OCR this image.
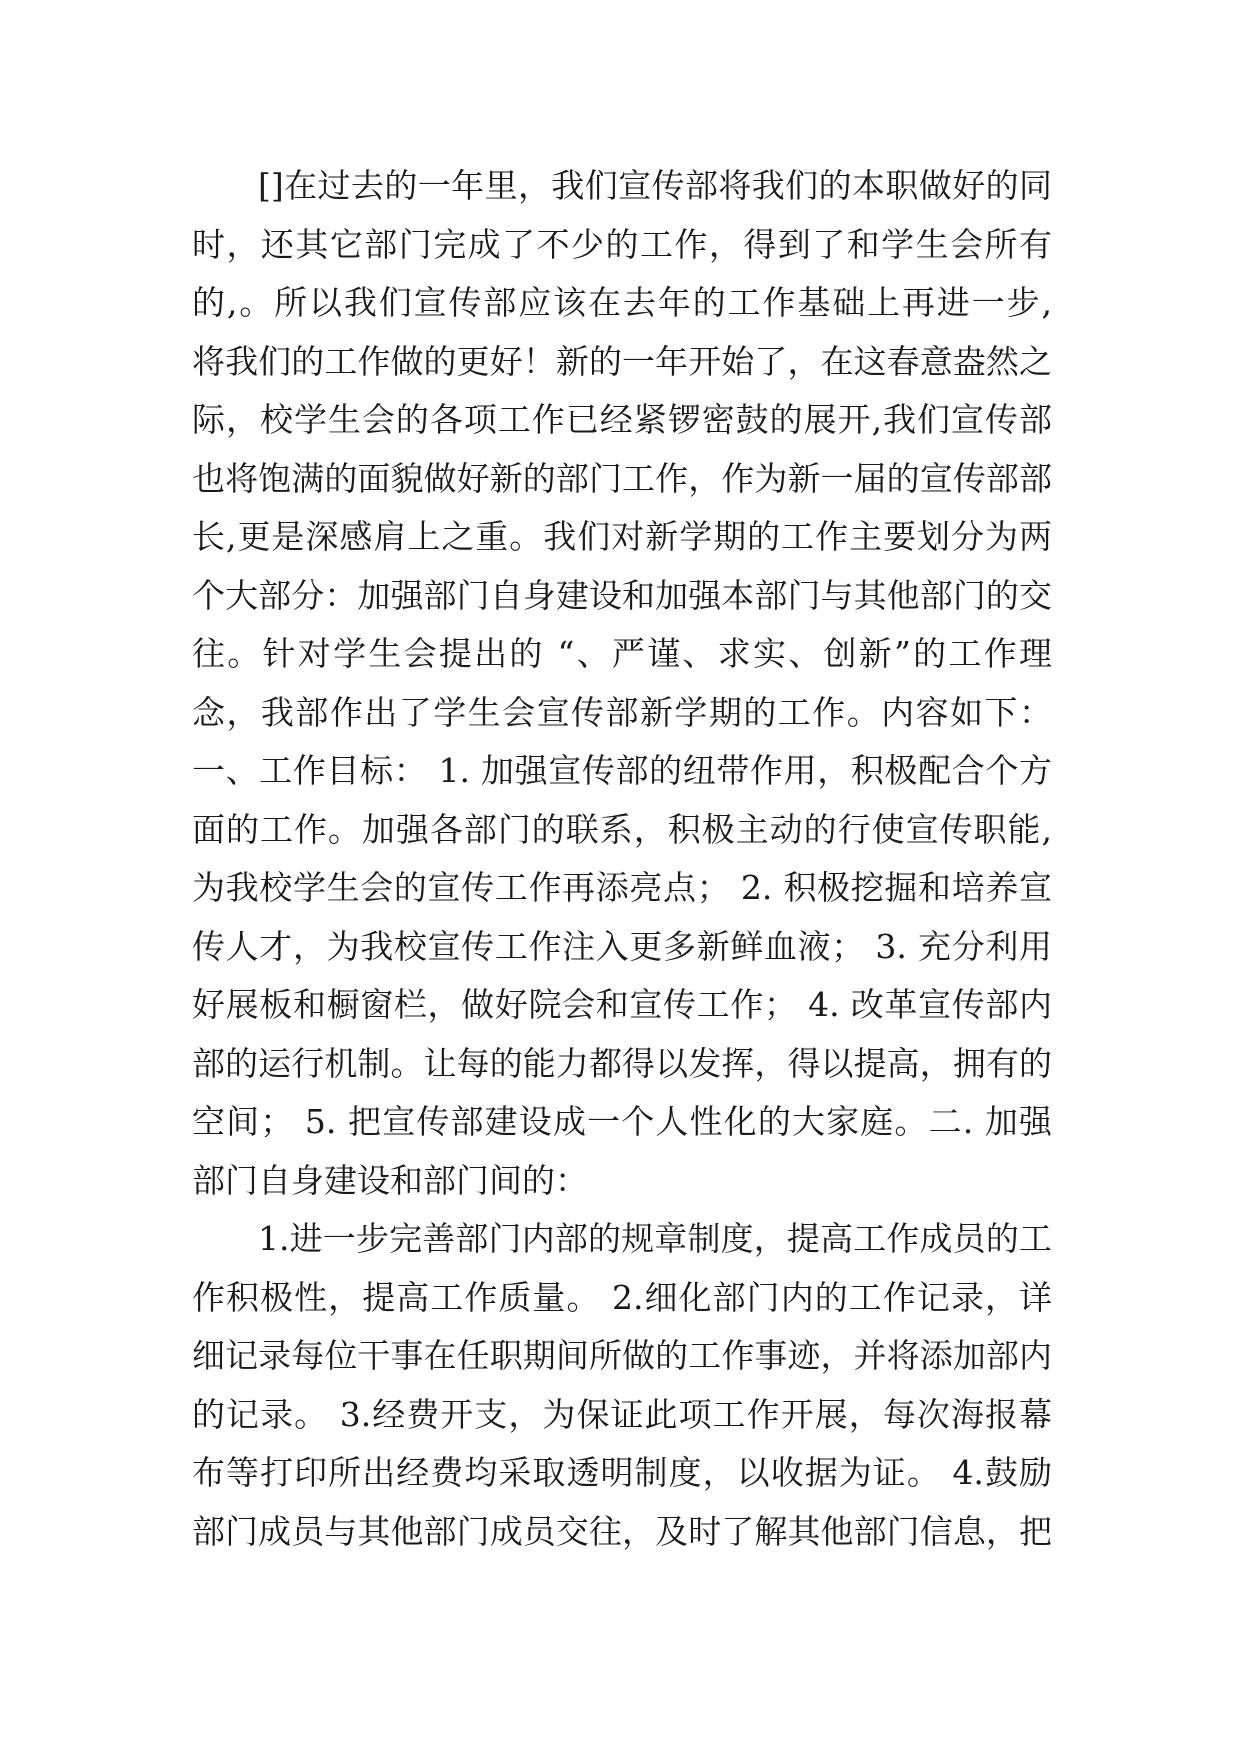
[]在过去的一年里，我们宣传部将我们的本职做好的同
时，还其它部门完成了不少的工作，得到了和学生会所有
的,。所以我们宣传部应该在去年的工作基础上再进一步,
将我们的工作做的更好！新的一年开始了，在这春意盎然之
际，校学生会的各项工作已经紧锣密鼓的展开,我们宣传部
也将饱满的面貌做好新的部门工作，作为新一届的宣传部部
长,更是深感肩上之重。我们对新学期的工作主要划分为两
个大部分：加强部门自身建设和加强本部门与其他部门的交
往。针对学生会提出的 “、严谨、求实、创新”的工作理
念，我部作出了学生会宣传部新学期的工作。内容如下：
一、工作目标： 1. 加强宣传部的纽带作用，积极配合个方
面的工作。加强各部门的联系，积极主动的行使宣传职能,
为我校学生会的宣传工作再添亮点； 2. 积极挖掘和培养宣
传人才，为我校宣传工作注入更多新鲜血液； 3. 充分利用
好展板和橱窗栏，做好院会和宣传工作； 4. 改革宣传部内
部的运行机制。让每的能力都得以发挥，得以提高，拥有的
空间； 5. 把宣传部建设成一个人性化的大家庭。二. 加强
部门自身建设和部门间的：
1.进一步完善部门内部的规章制度，提高工作成员的工
作积极性，提高工作质量。 2.细化部门内的工作记录，详
细记录每位干事在任职期间所做的工作事迹，并将添加部内
的记录。 3.经费开支，为保证此项工作开展，每次海报幕
布等打印所出经费均采取透明制度，以收据为证。 4.鼓励
部门成员与其他部门成员交往，及时了解其他部门信息，把
